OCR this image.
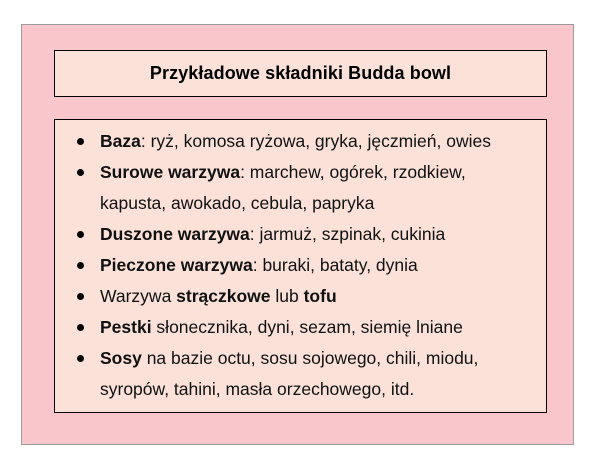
Przykładowe składniki Budda bowl
Baza: ryż, komosa ryżowa, gryka, jęczmień, owies
Surowe warzywa: marchew, ogórek, rzodkiew, kapusta, awokado, cebula, papryka
Duszone warzywa: jarmuż, szpinak, cukinia
Pieczone warzywa: buraki, bataty, dynia
Warzywa strączkowe lub tofu
Pestki słonecznika, dyni, sezam, siemię lniane
Sosy na bazie octu, sosu sojowego, chili, miodu, syropów, tahini, masła orzechowego, itd.
